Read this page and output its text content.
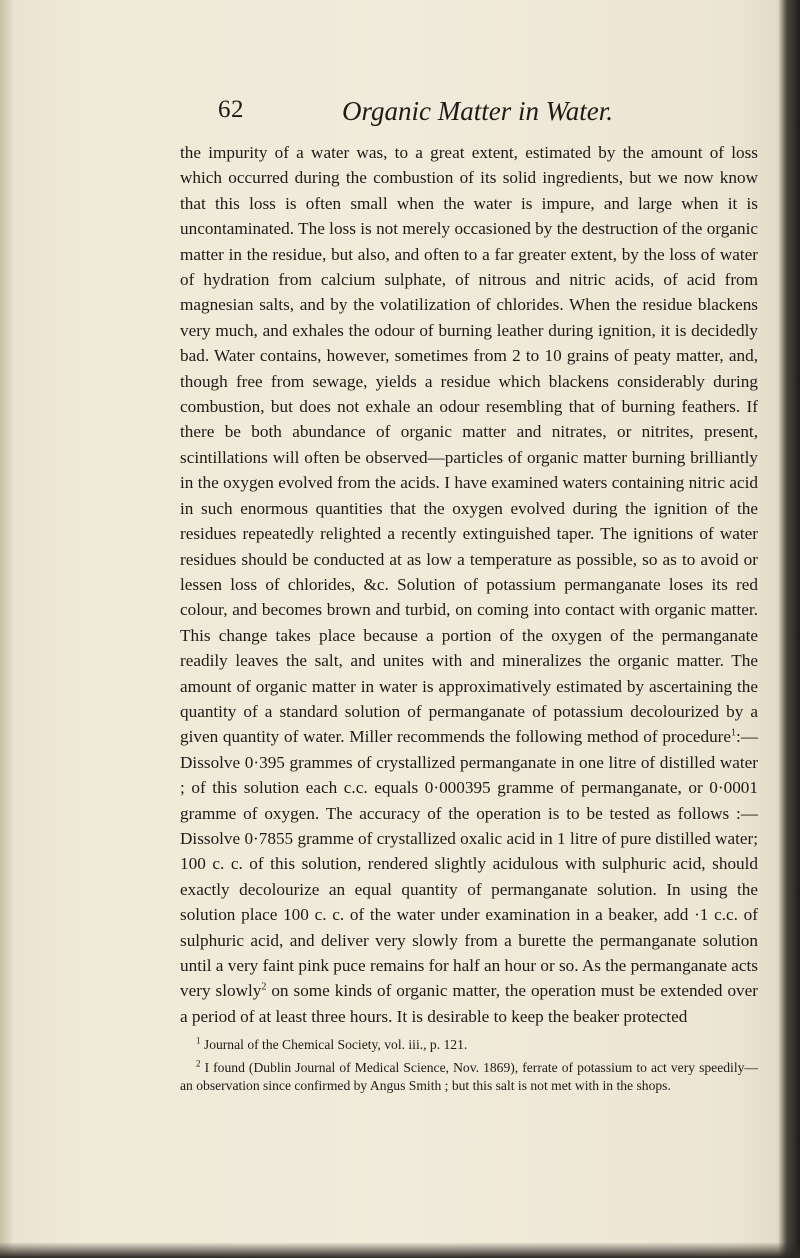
62	Organic Matter in Water.

the impurity of a water was, to a great extent, estimated by the amount of loss which occurred during the combustion of its solid ingredients, but we now know that this loss is often small when the water is impure, and large when it is uncontaminated. The loss is not merely occasioned by the destruction of the organic matter in the residue, but also, and often to a far greater extent, by the loss of water of hydration from calcium sulphate, of nitrous and nitric acids, of acid from magnesian salts, and by the volatilization of chlorides. When the residue blackens very much, and exhales the odour of burning leather during ignition, it is decidedly bad. Water contains, however, sometimes from 2 to 10 grains of peaty matter, and, though free from sewage, yields a residue which blackens considerably during combustion, but does not exhale an odour resembling that of burning feathers. If there be both abundance of organic matter and nitrates, or nitrites, present, scintillations will often be observed—particles of organic matter burning brilliantly in the oxygen evolved from the acids. I have examined waters containing nitric acid in such enormous quantities that the oxygen evolved during the ignition of the residues repeatedly relighted a recently extinguished taper. The ignitions of water residues should be conducted at as low a temperature as possible, so as to avoid or lessen loss of chlorides, &c. Solution of potassium permanganate loses its red colour, and becomes brown and turbid, on coming into contact with organic matter. This change takes place because a portion of the oxygen of the permanganate readily leaves the salt, and unites with and mineralizes the organic matter. The amount of organic matter in water is approximatively estimated by ascertaining the quantity of a standard solution of permanganate of potassium decolourized by a given quantity of water. Miller recommends the following method of procedure$^1$:—Dissolve 0·395 grammes of crystallized permanganate in one litre of distilled water ; of this solution each c.c. equals 0·000395 gramme of permanganate, or 0·0001 gramme of oxygen. The accuracy of the operation is to be tested as follows :—Dissolve 0·7855 gramme of crystallized oxalic acid in 1 litre of pure distilled water; 100 c. c. of this solution, rendered slightly acidulous with sulphuric acid, should exactly decolourize an equal quantity of permanganate solution. In using the solution place 100 c. c. of the water under examination in a beaker, add ·1 c.c. of sulphuric acid, and deliver very slowly from a burette the permanganate solution until a very faint pink puce remains for half an hour or so. As the permanganate acts very slowly$^2$ on some kinds of organic matter, the operation must be extended over a period of at least three hours. It is desirable to keep the beaker protected

$^1$ Journal of the Chemical Society, vol. iii., p. 121.

$^2$ I found (Dublin Journal of Medical Science, Nov. 1869), ferrate of potassium to act very speedily—an observation since confirmed by Angus Smith ; but this salt is not met with in the shops.
